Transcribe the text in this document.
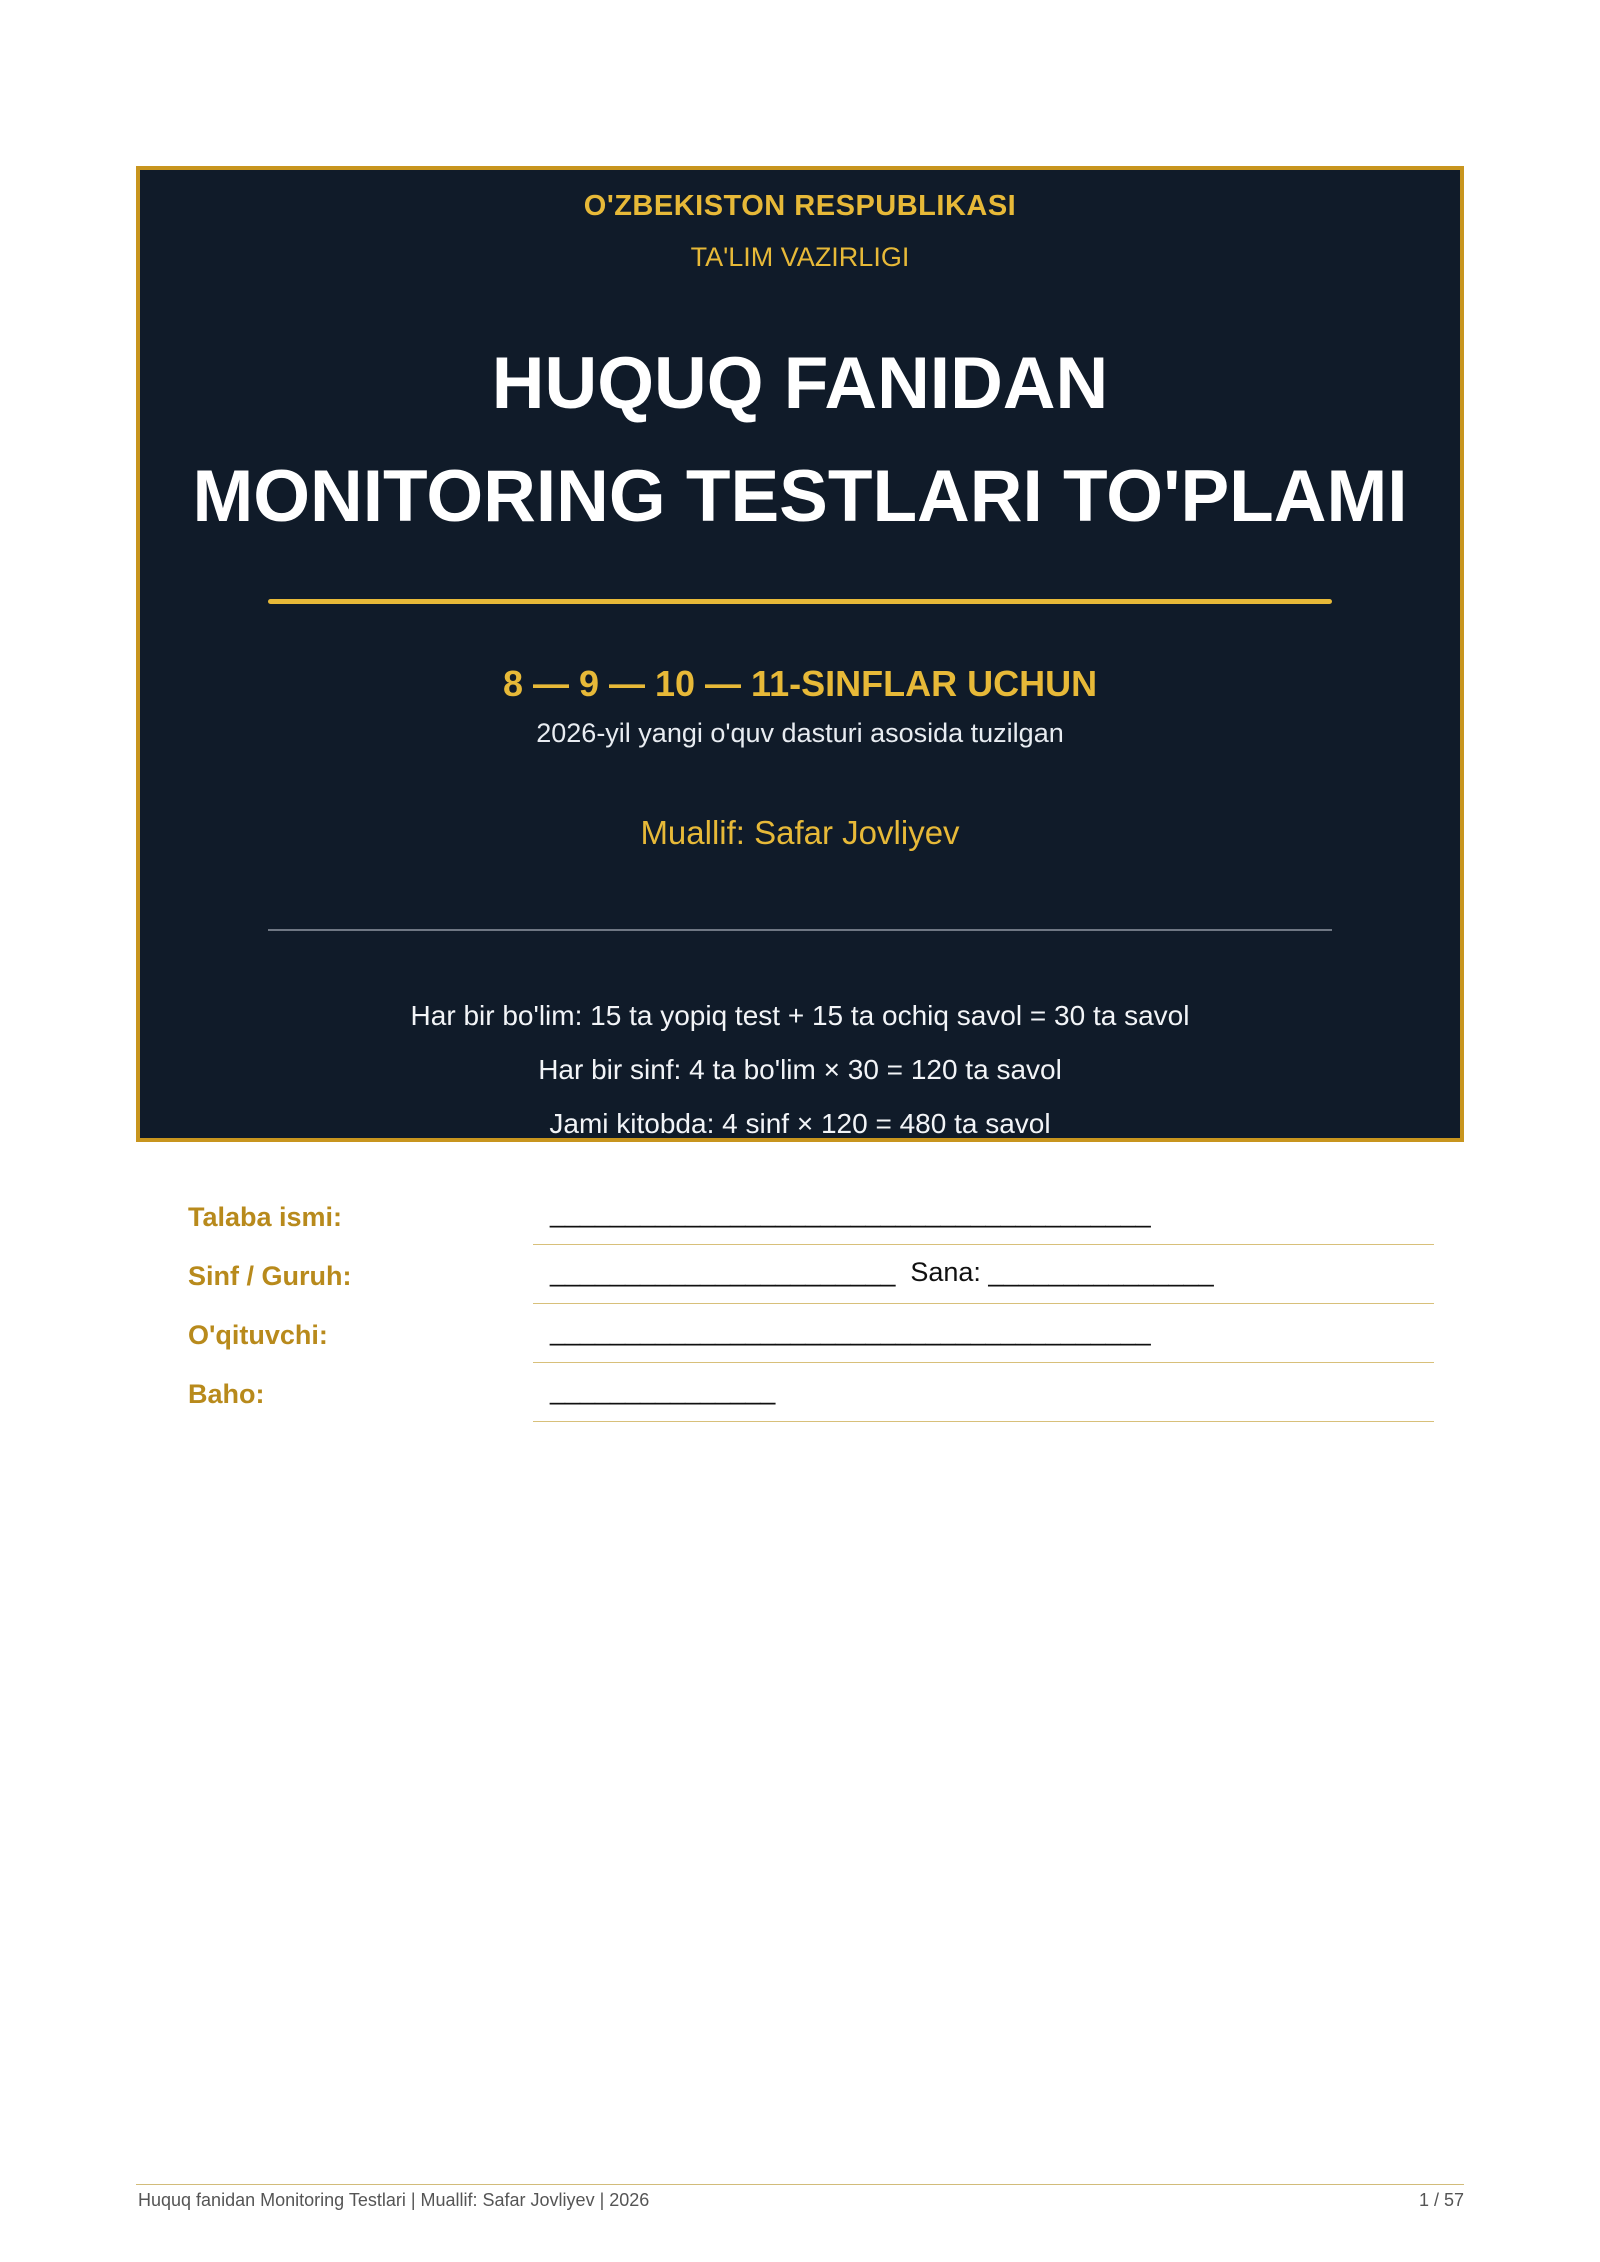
O'ZBEKISTON RESPUBLIKASI
TA'LIM VAZIRLIGI
HUQUQ FANIDAN
MONITORING TESTLARI TO'PLAMI
8 — 9 — 10 — 11-SINFLAR UCHUN
2026-yil yangi o'quv dasturi asosida tuzilgan
Muallif: Safar Jovliyev
Har bir bo'lim: 15 ta yopiq test + 15 ta ochiq savol = 30 ta savol
Har bir sinf: 4 ta bo'lim × 30 = 120 ta savol
Jami kitobda: 4 sinf × 120 = 480 ta savol
Talaba ismi:	________________________________________
Sinf / Guruh:	_______________________  Sana: _______________
O'qituvchi:	________________________________________
Baho:	_______________
Huquq fanidan Monitoring Testlari | Muallif: Safar Jovliyev | 2026	1 / 57
